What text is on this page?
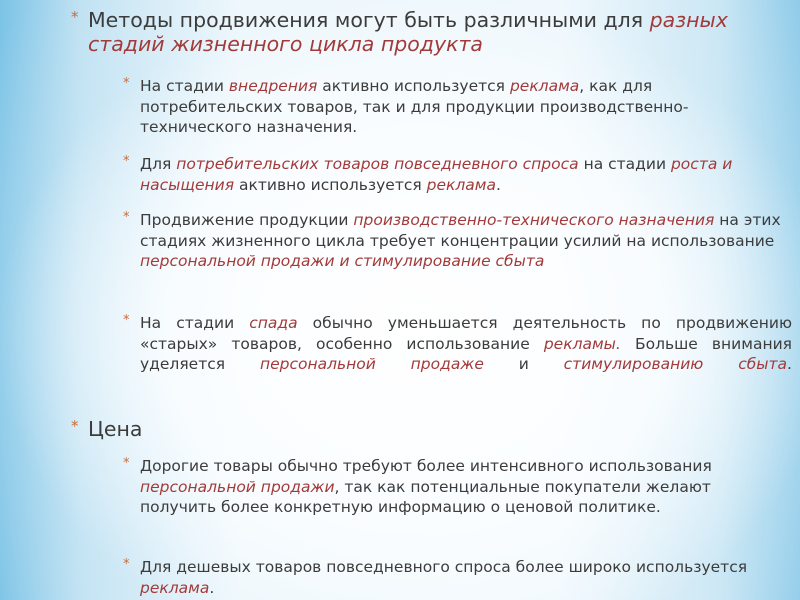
* Методы продвижения могут быть различными для разных стадий жизненного цикла продукта
* На стадии внедрения активно используется реклама, как для потребительских товаров, так и для продукции производственно-технического назначения.
* Для потребительских товаров повседневного спроса на стадии роста и насыщения активно используется реклама.
* Продвижение продукции производственно-технического назначения на этих стадиях жизненного цикла требует концентрации усилий на использование персональной продажи и стимулирование сбыта
* На стадии спада обычно уменьшается деятельность по продвижению «старых» товаров, особенно использование рекламы. Больше внимания уделяется персональной продаже и стимулированию сбыта.
* Цена
* Дорогие товары обычно требуют более интенсивного использования персональной продажи, так как потенциальные покупатели желают получить более конкретную информацию о ценовой политике.
* Для дешевых товаров повседневного спроса более широко используется реклама.
